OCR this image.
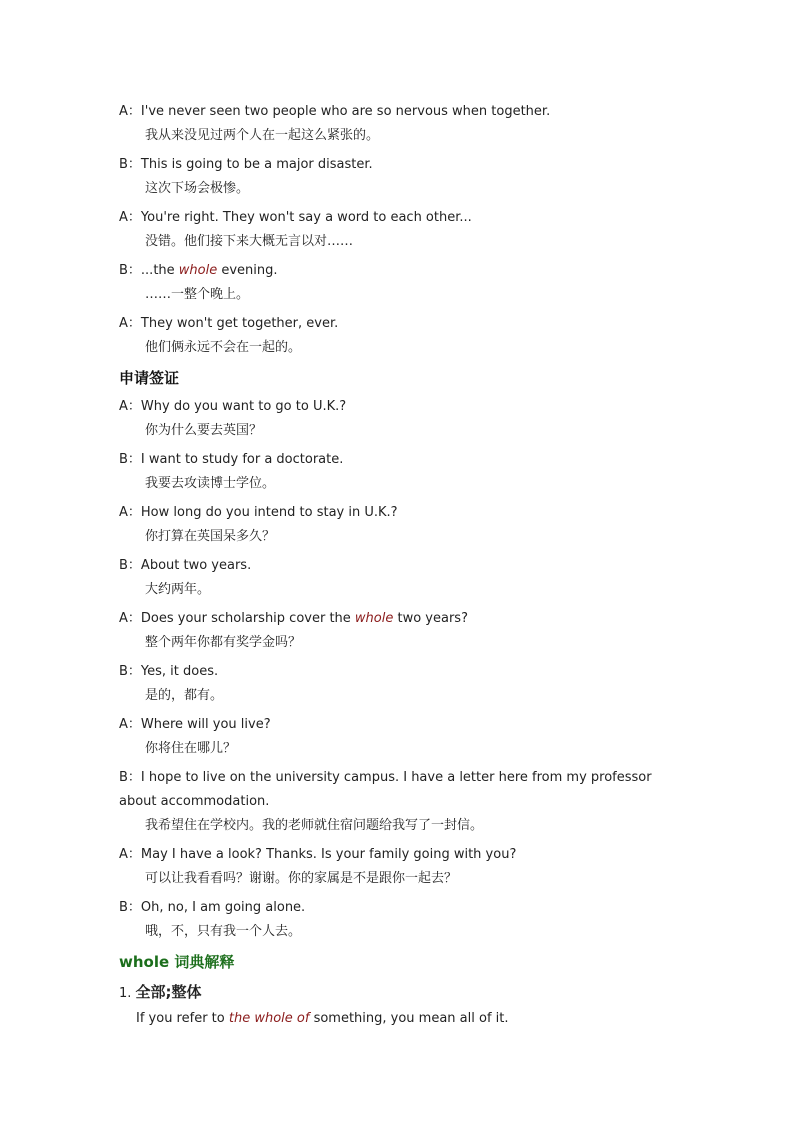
A：I've never seen two people who are so nervous when together.
我从来没见过两个人在一起这么紧张的。
B：This is going to be a major disaster.
这次下场会极惨。
A：You're right. They won't say a word to each other...
没错。他们接下来大概无言以对……
B：...the whole evening.
……一整个晚上。
A：They won't get together, ever.
他们俩永远不会在一起的。
申请签证
A：Why do you want to go to U.K.?
你为什么要去英国？
B：I want to study for a doctorate.
我要去攻读博士学位。
A：How long do you intend to stay in U.K.?
你打算在英国呆多久？
B：About two years.
大约两年。
A：Does your scholarship cover the whole two years?
整个两年你都有奖学金吗？
B：Yes, it does.
是的，都有。
A：Where will you live?
你将住在哪儿？
B：I hope to live on the university campus. I have a letter here from my professor about accommodation.
我希望住在学校内。我的老师就住宿问题给我写了一封信。
A：May I have a look? Thanks. Is your family going with you?
可以让我看看吗？谢谢。你的家属是不是跟你一起去？
B：Oh, no, I am going alone.
哦，不，只有我一个人去。
whole 词典解释
1. 全部;整体
If you refer to the whole of something, you mean all of it.
